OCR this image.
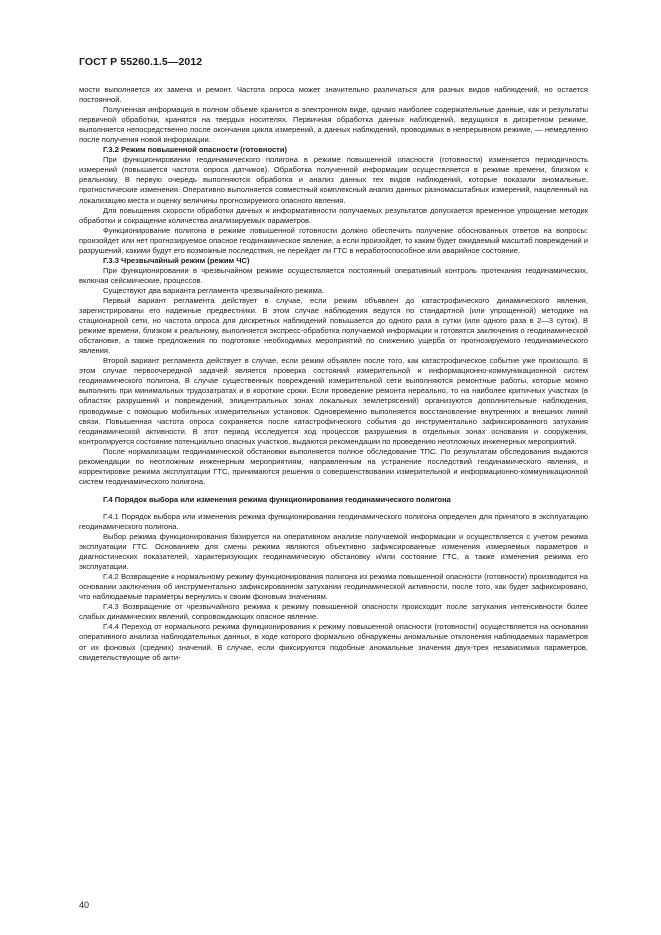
ГОСТ Р 55260.1.5—2012

мости выполняется их замена и ремонт. Частота опроса может значительно различаться для разных видов наблюдений, но остается постоянной.

Полученная информация в полном объеме хранится в электронном виде, однако наиболее содержательные данные, как и результаты первичной обработки, хранятся на твердых носителях. Первичная обработка данных наблюдений, ведущихся в дискретном режиме, выполняется непосредственно после окончания цикла измерений, а данных наблюдений, проводимых в непрерывном режиме, — немедленно после получения новой информации.

Г.3.2 Режим повышенной опасности (готовности)

При функционировании геодинамического полигона в режиме повышенной опасности (готовности) изменяется периодичность измерений (повышается частота опроса датчиков). Обработка полученной информации осуществляется в режиме времени, близком к реальному. В первую очередь выполняются обработка и анализ данных тех видов наблюдений, которые показали аномальные, прогностические изменения. Оперативно выполняется совместный комплексный анализ данных разномасштабных измерений, нацеленный на локализацию места и оценку величины прогнозируемого опасного явления.

Для повышения скорости обработки данных и информативности получаемых результатов допускается временное упрощение методик обработки и сокращение количества анализируемых параметров.

Функционирование полигона в режиме повышенной готовности должно обеспечить получение обоснованных ответов на вопросы: произойдет или нет прогнозируемое опасное геодинамическое явление, а если произойдет, то каким будет ожидаемый масштаб повреждений и разрушений, какими будут его возможные последствия, не перейдет ли ГТС в неработоспособное или аварийное состояние.

Г.3.3 Чрезвычайный режим (режим ЧС)

При функционировании в чрезвычайном режиме осуществляется постоянный оперативный контроль протекания геодинамических, включая сейсмические, процессов.

Существуют два варианта регламента чрезвычайного режима.

Первый вариант регламента действует в случае, если режим объявлен до катастрофического динамического явления, зарегистрированы его надежные предвестники. В этом случае наблюдения ведутся по стандартной (или упрощенной) методике на стационарной сети, но частота опроса для дискретных наблюдений повышается до одного раза в сутки (или одного раза в 2—3 суток). В режиме времени, близком к реальному, выполняется экспресс-обработка получаемой информации и готовятся заключения о геодинамической обстановке, а также предложения по подготовке необходимых мероприятий по снижению ущерба от прогнозируемого геодинамического явления.

Второй вариант регламента действует в случае, если режим объявлен после того, как катастрофическое событие уже произошло. В этом случае первоочередной задачей является проверка состояний измерительной и информационно-коммуникационной систем геодинамического полигона. В случае существенных повреждений измерительной сети выполняются ремонтные работы, которые можно выполнить при минимальных трудозатратах и в короткие сроки. Если проведение ремонта нереально, то на наиболее критичных участках (в областях разрушений и повреждений, эпицентральных зонах локальных землетрясений) организуются дополнительные наблюдения, проводимые с помощью мобильных измерительных установок. Одновременно выполняется восстановление внутренних и внешних линий связи. Повышенная частота опроса сохраняется после катастрофического события до инструментально зафиксированного затухания геодинамической активности. В этот период исследуется ход процессов разрушения в отдельных зонах основания и сооружения, контролируется состояние потенциально опасных участков, выдаются рекомендации по проведению неотложных инженерных мероприятий.

После нормализации геодинамической обстановки выполняется полное обследование ТПС. По результатам обследования выдаются рекомендации по неотложным инженерным мероприятиям, направленным на устранение последствий геодинамического явления, и корректировке режима эксплуатации ГТС, принимаются решения о совершенствовании измерительной и информационно-коммуникационной систем геодинамического полигона.

Г.4 Порядок выбора или изменения режима функционирования геодинамического полигона

Г.4.1 Порядок выбора или изменения режима функционирования геодинамического полигона определен для принятого в эксплуатацию геодинамического полигона.

Выбор режима функционирования базируется на оперативном анализе получаемой информации и осуществляется с учетом режима эксплуатации ГТС. Основанием для смены режима являются объективно зафиксированные изменения измеряемых параметров и диагностических показателей, характеризующих геодинамическую обстановку и/или состояние ГТС, а также изменения режима его эксплуатации.

Г.4.2 Возвращение к нормальному режиму функционирования полигона из режима повышенной опасности (готовности) производится на основании заключения об инструментально зафиксированном затухании геодинамической активности, после того, как будет зафиксировано, что наблюдаемые параметры вернулись к своим фоновым значениям.

Г.4.3 Возвращение от чрезвычайного режима к режиму повышенной опасности происходит после затухания интенсивности более слабых динамических явлений, сопровождающих опасное явление.

Г.4.4 Переход от нормального режима функционирования к режиму повышенной опасности (готовности) осуществляется на основании оперативного анализа наблюдательных данных, в ходе которого формально обнаружены аномальные отклонения наблюдаемых параметров от их фоновых (средних) значений. В случае, если фиксируются подобные аномальные значения двух-трех независимых параметров, свидетельствующие об акти-

40
